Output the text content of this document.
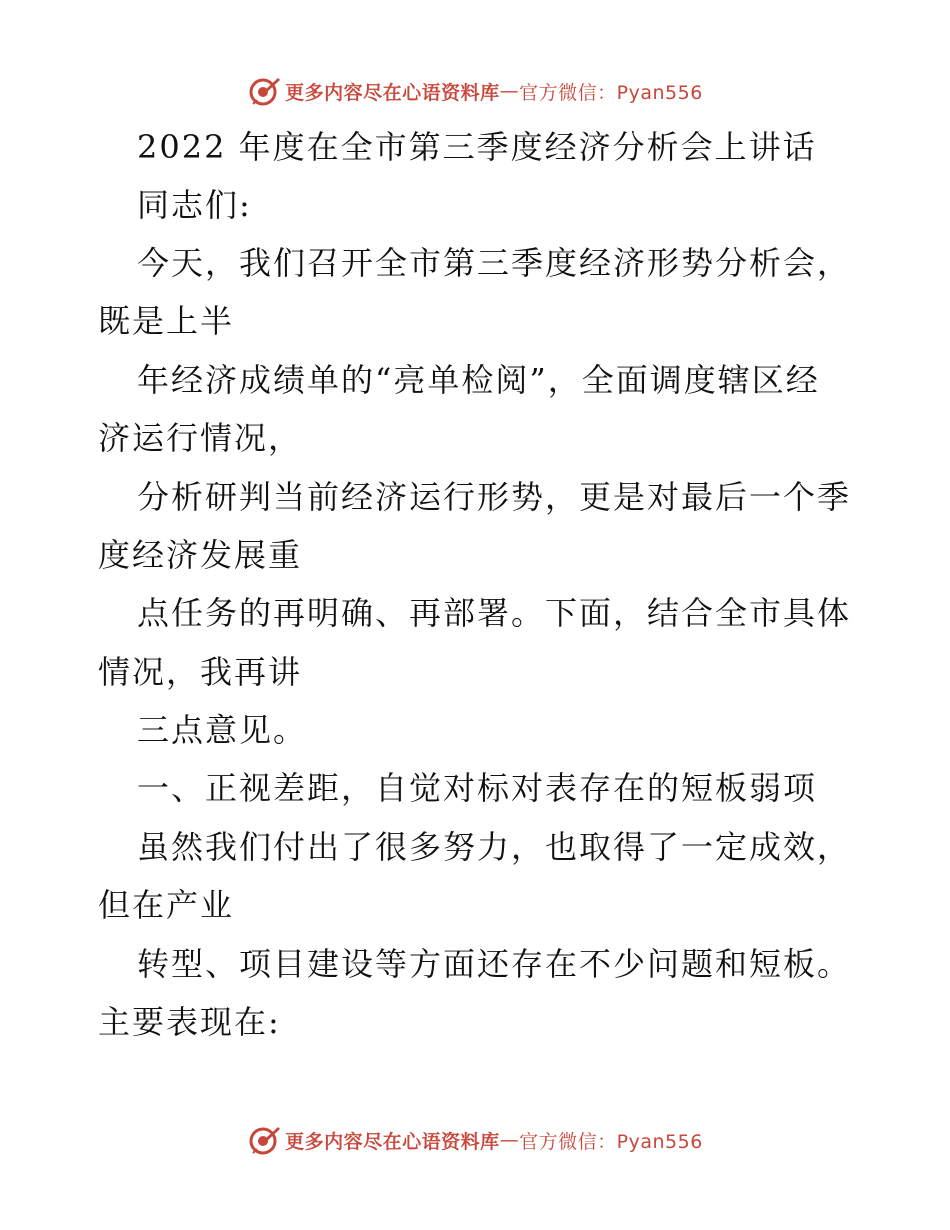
更多内容尽在心语资料库 — 官方微信：Pyan556
2022 年度在全市第三季度经济分析会上讲话
同志们:
今天，我们召开全市第三季度经济形势分析会，
既是上半
年经济成绩单的“亮单检阅”，全面调度辖区经
济运行情况，
分析研判当前经济运行形势，更是对最后一个季
度经济发展重
点任务的再明确、再部署。下面，结合全市具体
情况，我再讲
三点意见。
一、正视差距，自觉对标对表存在的短板弱项
虽然我们付出了很多努力，也取得了一定成效，
但在产业
转型、项目建设等方面还存在不少问题和短板。
主要表现在:
更多内容尽在心语资料库 — 官方微信：Pyan556
